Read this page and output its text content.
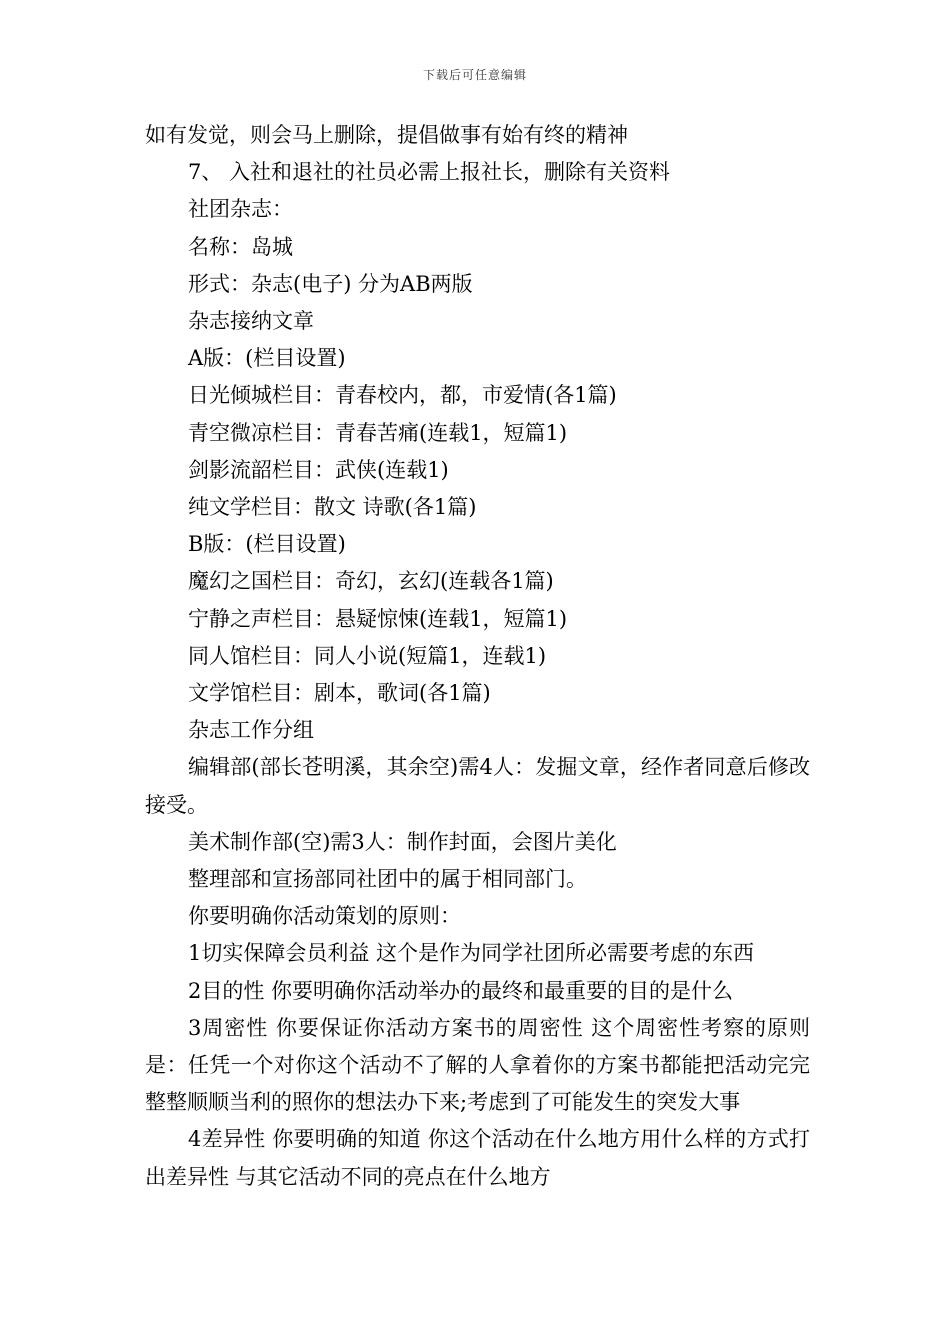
下载后可任意编辑

如有发觉，则会马上删除，提倡做事有始有终的精神

7、 入社和退社的社员必需上报社长，删除有关资料

社团杂志：

名称：岛城

形式：杂志(电子) 分为AB两版

杂志接纳文章

A版：(栏目设置)

日光倾城栏目：青春校内，都，市爱情(各1篇)

青空微凉栏目：青春苦痛(连载1，短篇1)

剑影流韶栏目：武侠(连载1)

纯文学栏目：散文 诗歌(各1篇)

B版：(栏目设置)

魔幻之国栏目：奇幻，玄幻(连载各1篇)

宁静之声栏目：悬疑惊悚(连载1，短篇1)

同人馆栏目：同人小说(短篇1，连载1)

文学馆栏目：剧本，歌词(各1篇)

杂志工作分组

编辑部(部长苍明溪，其余空)需4人：发掘文章，经作者同意后修改接受。

美术制作部(空)需3人：制作封面，会图片美化

整理部和宣扬部同社团中的属于相同部门。

你要明确你活动策划的原则：

1切实保障会员利益 这个是作为同学社团所必需要考虑的东西

2目的性 你要明确你活动举办的最终和最重要的目的是什么

3周密性 你要保证你活动方案书的周密性 这个周密性考察的原则是：任凭一个对你这个活动不了解的人拿着你的方案书都能把活动完完整整顺顺当利的照你的想法办下来;考虑到了可能发生的突发大事

4差异性 你要明确的知道 你这个活动在什么地方用什么样的方式打出差异性 与其它活动不同的亮点在什么地方
